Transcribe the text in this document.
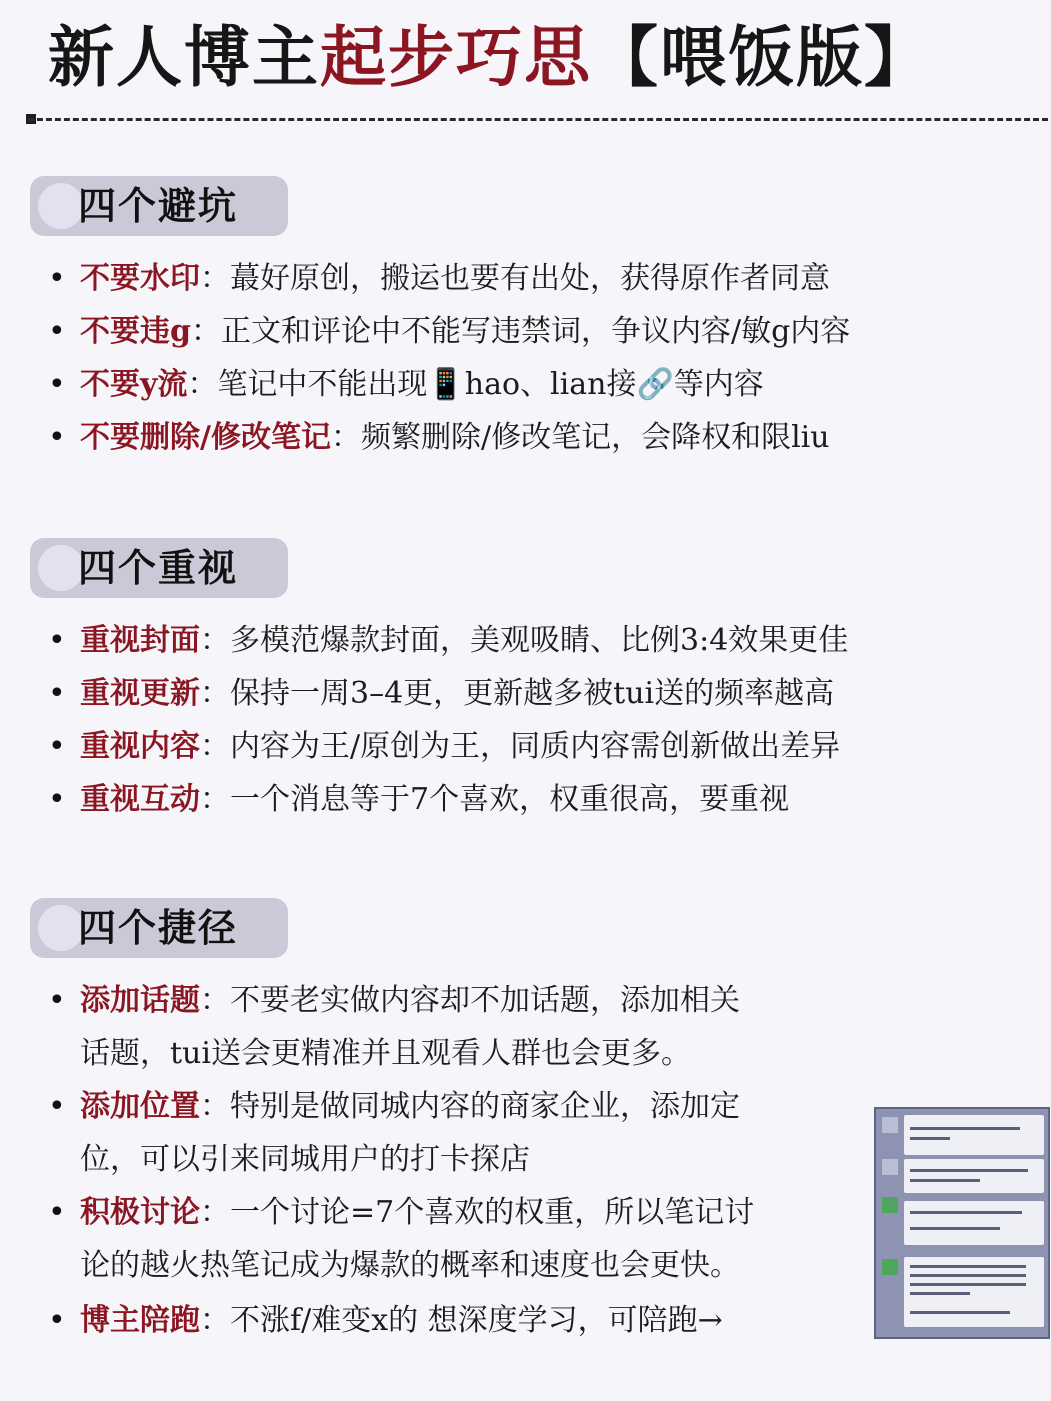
新人博主起步巧思【喂饭版】
四个避坑
• 不要水印：蕞好原创，搬运也要有出处，获得原作者同意
• 不要违g：正文和评论中不能写违禁词，争议内容/敏g内容
• 不要y流：笔记中不能出现📱hao、lian接🔗等内容
• 不要删除/修改笔记：频繁删除/修改笔记，会降权和限liu
四个重视
• 重视封面：多模范爆款封面，美观吸睛、比例3:4效果更佳
• 重视更新：保持一周3–4更，更新越多被tui送的频率越高
• 重视内容：内容为王/原创为王，同质内容需创新做出差异
• 重视互动：一个消息等于7个喜欢，权重很高，要重视
四个捷径
• 添加话题：不要老实做内容却不加话题，添加相关
话题，tui送会更精准并且观看人群也会更多。
• 添加位置：特别是做同城内容的商家企业，添加定
位，可以引来同城用户的打卡探店
• 积极讨论：一个讨论=7个喜欢的权重，所以笔记讨
论的越火热笔记成为爆款的概率和速度也会更快。
• 博主陪跑：不涨f/难变x的 想深度学习，可陪跑→
